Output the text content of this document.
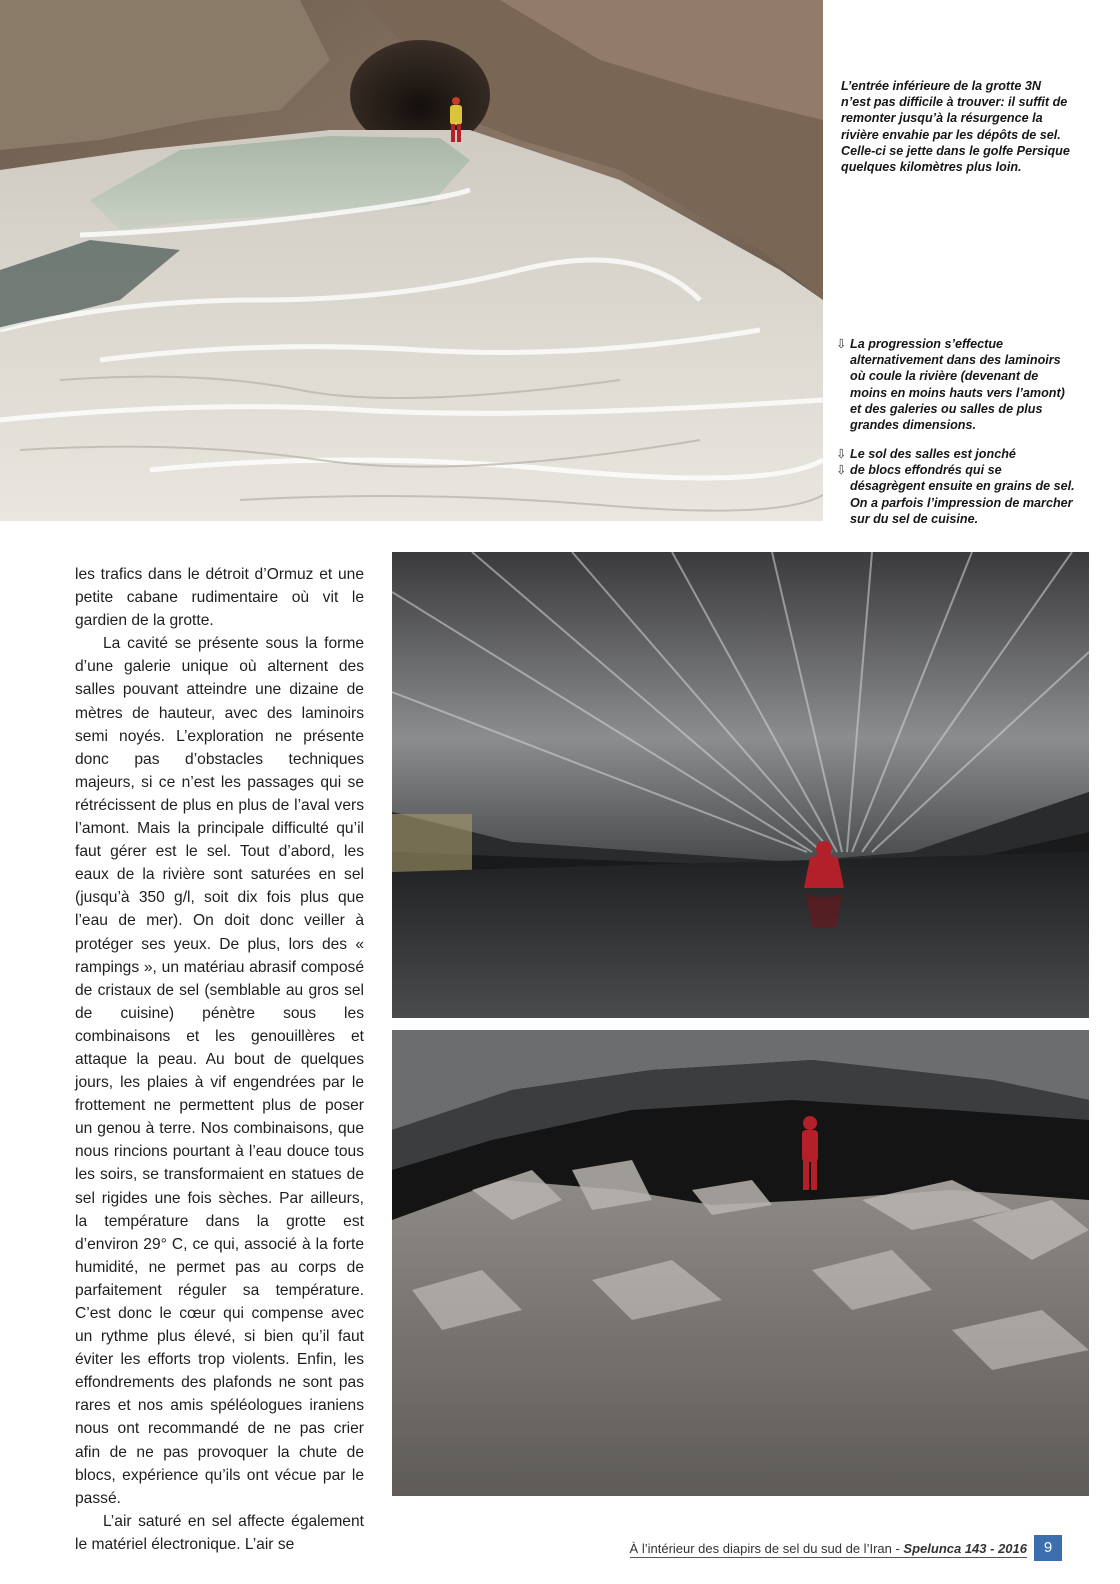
L’entrée inférieure de la grotte 3N n’est pas difficile à trouver: il suffit de remonter jusqu’à la résurgence la rivière envahie par les dépôts de sel. Celle-ci se jette dans le golfe Persique quelques kilomètres plus loin.

⇩ La progression s’effectue alternativement dans des laminoirs où coule la rivière (devenant de moins en moins hauts vers l’amont) et des galeries ou salles de plus grandes dimensions.
⇩ Le sol des salles est jonché
⇩ de blocs effondrés qui se désagrègent ensuite en grains de sel. On a parfois l’impression de marcher sur du sel de cuisine.

les trafics dans le détroit d’Ormuz et une petite cabane rudimentaire où vit le gardien de la grotte.

La cavité se présente sous la forme d’une galerie unique où alternent des salles pouvant atteindre une dizaine de mètres de hauteur, avec des laminoirs semi noyés. L’exploration ne présente donc pas d’obstacles techniques majeurs, si ce n’est les passages qui se rétrécissent de plus en plus de l’aval vers l’amont. Mais la principale difficulté qu’il faut gérer est le sel. Tout d’abord, les eaux de la rivière sont saturées en sel (jusqu’à 350 g/l, soit dix fois plus que l’eau de mer). On doit donc veiller à protéger ses yeux. De plus, lors des « rampings », un matériau abrasif composé de cristaux de sel (semblable au gros sel de cuisine) pénètre sous les combinaisons et les genouillères et attaque la peau. Au bout de quelques jours, les plaies à vif engendrées par le frottement ne permettent plus de poser un genou à terre. Nos combinaisons, que nous rincions pourtant à l’eau douce tous les soirs, se transformaient en statues de sel rigides une fois sèches. Par ailleurs, la température dans la grotte est d’environ 29° C, ce qui, associé à la forte humidité, ne permet pas au corps de parfaitement réguler sa température. C’est donc le cœur qui compense avec un rythme plus élevé, si bien qu’il faut éviter les efforts trop violents. Enfin, les effondrements des plafonds ne sont pas rares et nos amis spéléologues iraniens nous ont recommandé de ne pas crier afin de ne pas provoquer la chute de blocs, expérience qu’ils ont vécue par le passé.

L’air saturé en sel affecte également le matériel électronique. L’air se	À l’intérieur des diapirs de sel du sud de l’Iran - Spelunca 143 - 2016	9
